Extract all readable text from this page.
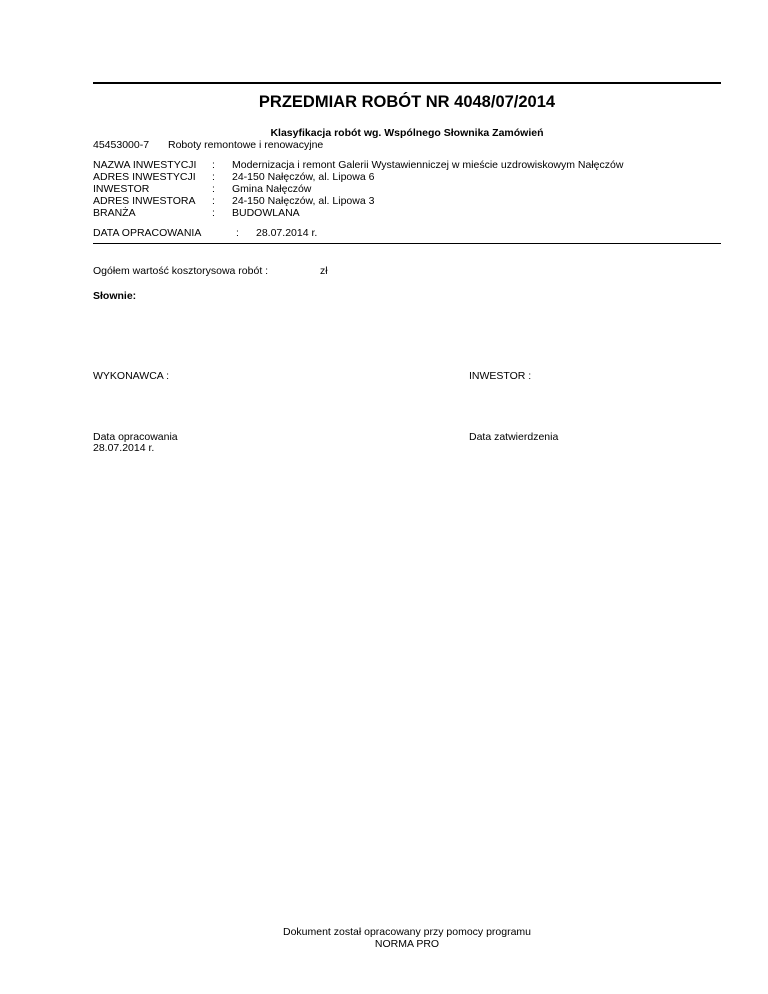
PRZEDMIAR ROBÓT NR 4048/07/2014
Klasyfikacja robót wg. Wspólnego Słownika Zamówień
45453000-7 Roboty remontowe i renowacyjne
NAZWA INWESTYCJI : Modernizacja i remont Galerii Wystawienniczej w mieście uzdrowiskowym Nałęczów
ADRES INWESTYCJI : 24-150 Nałęczów, al. Lipowa 6
INWESTOR	: Gmina Nałęczów
ADRES INWESTORA : 24-150 Nałęczów, al. Lipowa 3
BRANŻA	: BUDOWLANA
DATA OPRACOWANIA	: 28.07.2014 r.
Ogółem wartość kosztorysowa robót :	zł
Słownie:
WYKONAWCA :	INWESTOR :
Data opracowania
28.07.2014 r.
Data zatwierdzenia
Dokument został opracowany przy pomocy programu
NORMA PRO
